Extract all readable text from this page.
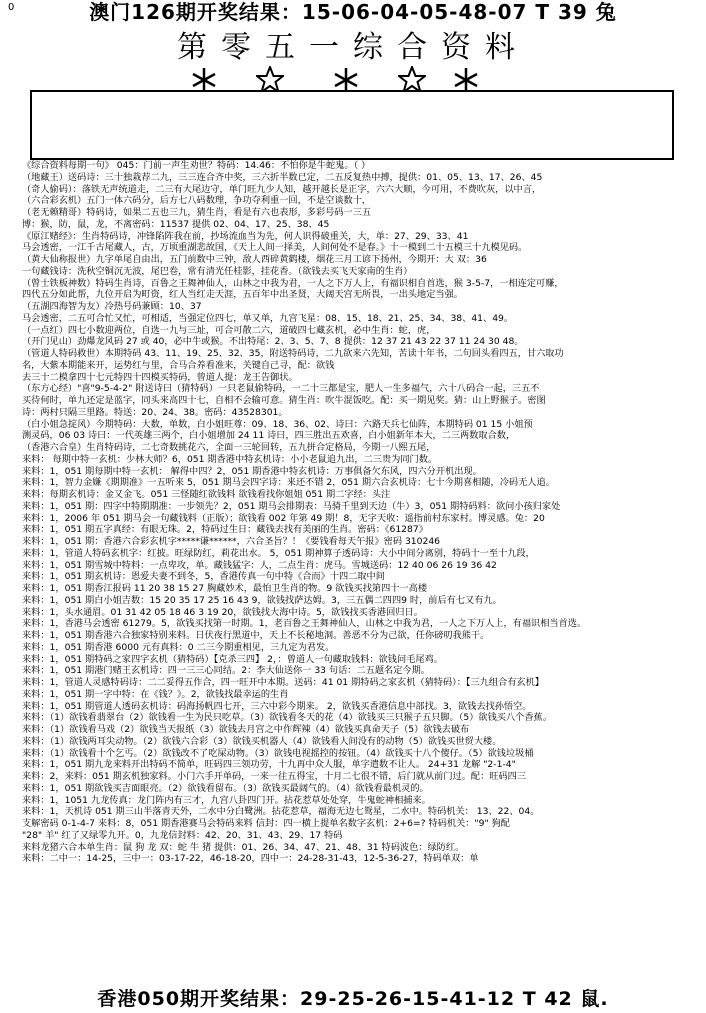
0	澳门126期开奖结果：15-06-04-05-48-07 T 39 兔
第零五一综合资料
《综合资料每期一句》 045：门前一声生劝世？特码：14.46：不怕你是牛蛇鬼。（ ）
（地藏王）送码诗：三十独栽荐二九，三三连合齐中奖，三六折半数已定，二五反复热中搏，提供：01、05、13、17、26、45
（奇人偷码）：落铁无声统道走，二三有大尾边守，单门旺九少人知，越开越长是正字，六六大顺，今可用，不费吹灰，以中言，
（六合彩玄机）五门一体六码分，后方七八码数理，争功夺利重一回，不是空谈数十，
（老无赖精哥）特码诗，如果二五也三九，猜生肖，看是有六也表形，多彩号码一三五
博：猴，防，鼠，龙，不离密码：11537 提供 02、04、17、25、38、45
《原江赌经》：生肖特码诗，冲锋陷阵我在前，抄场流血当为先，何人识得破重关，大，单：27、29、33、41
马会透密，一江千古尾藏人，古，万顷重湖悲故国，《天上人间一择美，人间何处不是春。》十一模到二十五模三十九模见码。
（黄大仙称报世）九字单尾自由出，五门前数中三钟，敌人西碎黄鹤楼，烟花三月工谚下扬州，今期开：大 双：36
一句藏钱诗：洗秋空铜沉无波，尾巴卷，常有清光任桂影，挂花香。（欲钱去买飞天家南的生肖）
（曾士铁板神数）特码生肖诗，百鲁之王舞神仙人，山林之中我为君，一人之下万人上，有福识相自首选，猴 3-5-7，一相连定可赚，
四代五分如此帮，九位开启为町资，红人当红走天涯，五百年中出圣贤，大阔天宫无所畏，一出头地定当强。
（五湖四海智为友）冷热号码兼顾：10、37
马会透密，二五可合忙又忙，可相适，当强定位四七，单又单，九宫飞星：08、15、18、21、25、34、38、41、49。
（一点红）四七小数迎两位，自选一九与三址，可合可散二六，道破四七藏玄机，必中生肖：蛇，虎，
（开门见山）劲爆龙风码 27 或 40，必中牛或猴。不出特尾：2、3、5、7、8 提供：12 37 21 43 22 37 11 24 30 48。
（管道人特码救世）本期特码 43、11、19、25、32、35，附送特码诗，二九欲来六先知，苦读十年书，二句回头看四五，甘六取功
名，大紫本期能来开，运势红与里，合马合养看准来，关键自己寻，配：欲钱
去三十二模拿四十七元特四十四模买特码，曾道人提：龙王告御状。
（东方心经）"喜"9-5-4-2" 附送诗曰（猜特码）一只老鼠偷特码，一二十三都是宝，肥人一生多福气，六十八码合一起，三五不
买待何时，单九还定是蓝字，同头来高四十七，自相不会输可意。猜生肖：吹牛混饭吃。配：买一期见奖。猜：山上野猴子。密图
诗：两村只隔三里路。特送：20、24、38。密码：43528301。
（白小姐急掟风）今期特码：大数，单数，白小姐旺尊：09、18、36、02、诗曰：六路天兵七仙阵，本期特码 01 15 小姐预
测灵码，06 03 诗曰：一代英雄三两个，白小姐增加 24 11 诗曰，四三胜出五欢喜，白小姐新年本大，二三两数取合数，
（香港六合皇）生肖特码诗，二七奇数挑花六，全面一三轮回转，五九拼合定格局，今期一八熙五尾，
来料： 每期中特一玄机：少林大师？6，051 期香港中特玄机诗：小小老鼠追九出，二三贵为同门数。
来料：1，051 期每期中特一玄机： 解得中四？2，051 期香港中特玄机诗：万事俱备欠东风，四六分开机出现。
来料：1，智力金嫌《期期准》一五听来 5，051 期马会四字诗：来还不错 2，051 期六合玄机诗：七十今期喜相随，冷码无人追。
来料：每期玄机诗：金又金飞。051 三怪随红欲钱料 欲钱看找你姐姐 051 期二字经：头注
来料：1，051 期：四字中特期期准：一步领先？2，051 期马会排期表：马骑千里到天边（牛）3，051 期特码料：欲问小孩归家处
来料：1，2006 年 051 期马会一句藏钱料（正版）；欲钱看 002 年第 49 期！8，无字天收：遥指前村东家村。博灵感。兔：20
来料：1，051 期五字真经：有眼无珠。2，特码过生日：藏钱去找有美丽的生肖。密码：《61287》
来料：1，051 期：香港六合彩玄机字*****谦******，六合圣旨？！《要钱看每天午报》密码 310246
来料：1，管道人特码玄机字：红披。旺绿防红，莉花出水。 5，051 期神算子透码诗：大小中间分离别，特码十一至十九段，
来料：1，051 期雪城中特料：一点卑攻，单。藏钱猛字：人，二点生肖：虎马。雪城送码：12 40 06 26 19 36 42
来料：1，051 期玄机诗：恩爱夫妻不到冬，5，香港传真一句中特《合而》十四二取中间
来料：1，051 期香江报码 11 20 38 15 27 胸藏妙术，最怕卫生肖的物。9 欲钱买找第四十一高楼
来料：1，051 期白小姐吉数：15 20 35 17 25 16 43 9，欲钱找萨达姆。3，三五偶二四四9 时，前后有七又有九。
来料：1，头水通眉。01 31 42 05 18 46 3 19 20，欲钱找大海中诗。5，欲钱找买香港回归日。
来料：1，香港马会透密 61279。5，欲钱买找第一时期。1，老百鲁之王舞神仙人，山林之中我为君，一人之下万人上，有福识相当首选。
来料：1，051 期香港六合独家特别来料。日伏夜行黑道中，天上不长秘地洞。善恶不分为己欲，任你磅叨我熊干。
来料：1，051 期香港 6000 元有真料：0 二三今期重相见，三九定为君发。
来料：1，051 期特码之家四字玄机（猜特码）【克杀三四】 2，：曾道人一句藏取钱料：欲钱问毛尾鸡。
来料：1，051 期港门赌王玄机诗：四一三三心同结。2：李大仙送你一 33 句话：二五题名定今期。
来料：1，管道人灵感特码诗：二二妥得五作合，四一旺开中本期。送码：41 01 期特码之家玄机（猜特码）：【三九组合有玄机】
来料：1，051 期一字中特：在《钱？》。2，欲钱找最幸运的生肖
来料：1，051 期管道人透码玄机诗：码海扬帆四七开，三六中彩今期来。 2，欲钱买香港信息中部找。3，欲钱去找孙悟空。
来料：（1）欲钱看翡翠台（2）欲钱看一生为民只吃草。（3）欲钱看冬天的花（4）欲钱买三只猴子五只脚。（5）欲钱买八个香蕉。
来料：（1）欲钱看马戏（2）欲钱当天报纸（3）欲钱去月宫之中作辉辣（4）欲钱买真命天子（5）欲钱去破布
来料：（1）欲钱两耳尖动物。（2）欲钱六合彩（3）欲钱买机器人（4）欲钱看人间没有的动物（5）欲钱买世贸大楼。
来料：（1）欲钱看十个乞丐。（2）欲钱改不了吃屎动物。（3）欲钱电视摇控的按钮。（4）欲钱买十八个傻仔。（5）欲钱垃圾桶
来料：1，051 期九龙来料开出特码不简单，旺码四三领功劳，十九再中众人服，单字遣数不让人。 24+31 龙解 "2-1-4"
来料：2，来料：051 期玄机独家料。小门六手开单码，一来一往五得宝，十月二七很不错，后门就从前门过。配：旺码四三
来料：1，051 期欲钱买吉面眼亮。（2）欲钱看留布。（3）欲钱买最阔气的。（4）欲钱看最机灵的。
来料：1，1051 九龙传真：龙门阵内有三才，九宫八卦四门开。拈花惹草处处穿，牛鬼蛇神相捕来。
来料：1，天机诗 051 期三山半落青天外，二水中分白鹭洲。拈花惹草，福海无边七鸳星，二水中。特码机关： 13、22、04。
支解密码 0-1-4-7 来料：8，051 期香港赛马会特码来料 信封：四一横上提单名数字玄机：2+6=? 特码机关："9" 狗配
"28" 羊" 红了又绿零九开。0，九龙信封料：42、20、31、43、29、17 特码
来料龙猪六合本单生肖：鼠 狗 龙 双：蛇 牛 猪 提供：01、26、34、47、21、48、31 特码波色：绿防红。
来料：二中一：14-25，三中一：03-17-22，46-18-20，四中一：24-28-31-43，12-5-36-27，特码单双：单
香港050期开奖结果：29-25-26-15-41-12 T 42 鼠.
